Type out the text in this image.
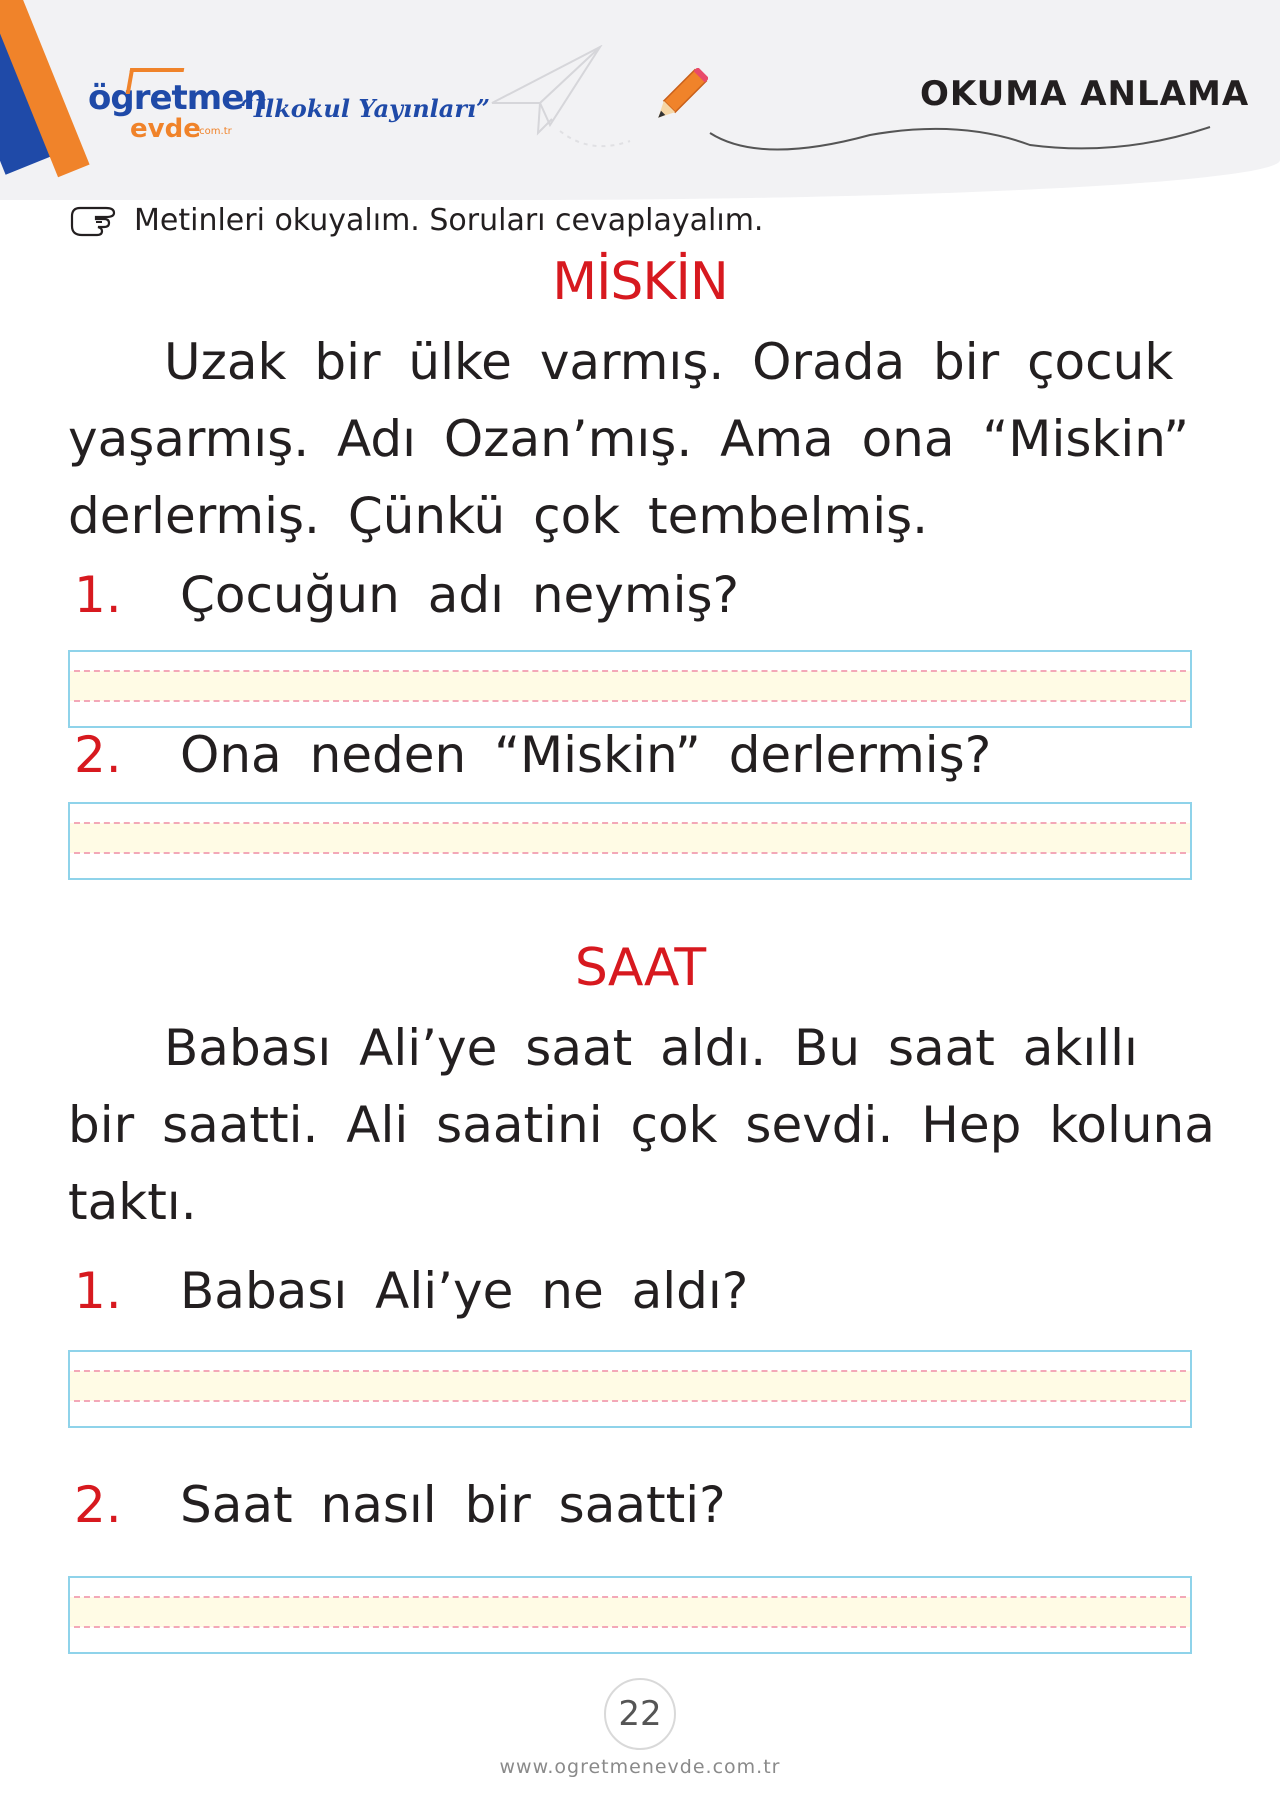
ögretmen
evde
.com.tr
“İlkokul Yayınları”	OKUMA ANLAMA
Metinleri okuyalım. Soruları cevaplayalım.
MİSKİN
Uzak bir ülke varmış. Orada bir çocuk yaşarmış. Adı Ozan’mış. Ama ona “Miskin” derlermiş. Çünkü çok tembelmiş.
1.	Çocuğun adı neymiş?
2.	Ona neden “Miskin” derlermiş?
SAAT
Babası Ali’ye saat aldı. Bu saat akıllı bir saatti. Ali saatini çok sevdi. Hep koluna taktı.
1.	Babası Ali’ye ne aldı?
2.	Saat nasıl bir saatti?
22
www.ogretmenevde.com.tr
